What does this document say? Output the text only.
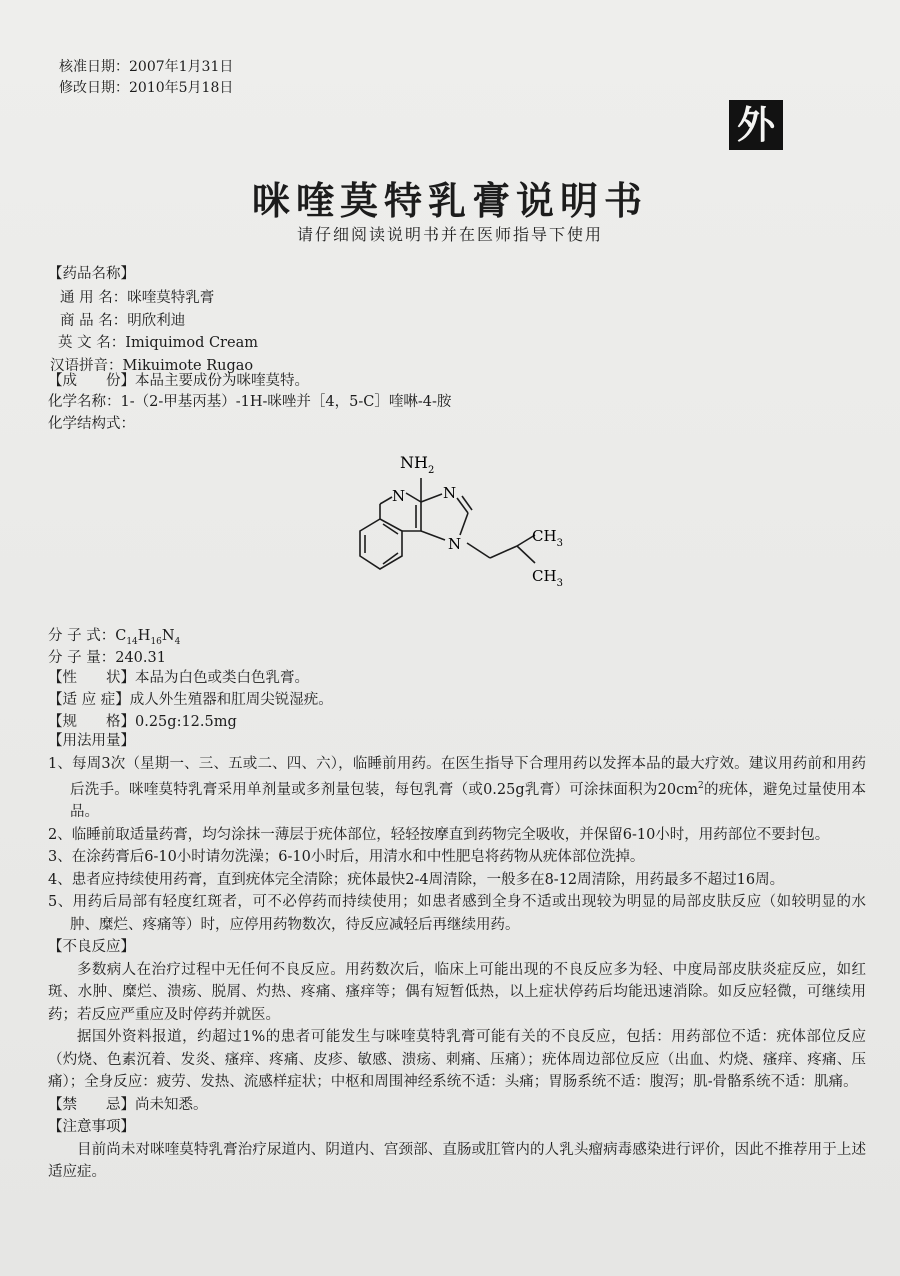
核准日期：2007年1月31日
修改日期：2010年5月18日
外
咪喹莫特乳膏说明书
请仔细阅读说明书并在医师指导下使用
【药品名称】
通 用 名：咪喹莫特乳膏
商 品 名：明欣利迪
英 文 名：Imiquimod Cream
汉语拼音：Mikuimote Rugao
【成　　份】本品主要成份为咪喹莫特。
化学名称：1-（2-甲基丙基）-1H-咪唑并［4，5-C］喹啉-4-胺
化学结构式：
$NH_2$
N	N
N	$CH_3$
$CH_3$
分 子 式：$C_{14}H_{16}N_4$
分 子 量：240.31
【性　　状】本品为白色或类白色乳膏。
【适 应 症】成人外生殖器和肛周尖锐湿疣。
【规　　格】0.25g:12.5mg

【用法用量】

1、每周3次（星期一、三、五或二、四、六），临睡前用药。在医生指导下合理用药以发挥本品的最大疗效。建议用药前和用药后洗手。咪喹莫特乳膏采用单剂量或多剂量包装，每包乳膏（或0.25g乳膏）可涂抹面积为$20cm^2$的疣体，避免过量使用本品。

2、临睡前取适量药膏，均匀涂抹一薄层于疣体部位，轻轻按摩直到药物完全吸收，并保留6-10小时，用药部位不要封包。

3、在涂药膏后6-10小时请勿洗澡；6-10小时后，用清水和中性肥皂将药物从疣体部位洗掉。

4、患者应持续使用药膏，直到疣体完全清除；疣体最快2-4周清除，一般多在8-12周清除，用药最多不超过16周。

5、用药后局部有轻度红斑者，可不必停药而持续使用；如患者感到全身不适或出现较为明显的局部皮肤反应（如较明显的水肿、糜烂、疼痛等）时，应停用药物数次，待反应减轻后再继续用药。

【不良反应】

多数病人在治疗过程中无任何不良反应。用药数次后，临床上可能出现的不良反应多为轻、中度局部皮肤炎症反应，如红斑、水肿、糜烂、溃疡、脱屑、灼热、疼痛、瘙痒等；偶有短暂低热，以上症状停药后均能迅速消除。如反应轻微，可继续用药；若反应严重应及时停药并就医。

据国外资料报道，约超过1%的患者可能发生与咪喹莫特乳膏可能有关的不良反应，包括：用药部位不适：疣体部位反应（灼烧、色素沉着、发炎、瘙痒、疼痛、皮疹、敏感、溃疡、刺痛、压痛）；疣体周边部位反应（出血、灼烧、瘙痒、疼痛、压痛）；全身反应：疲劳、发热、流感样症状；中枢和周围神经系统不适：头痛；胃肠系统不适：腹泻；肌-骨骼系统不适：肌痛。

【禁　　忌】尚未知悉。

【注意事项】

目前尚未对咪喹莫特乳膏治疗尿道内、阴道内、宫颈部、直肠或肛管内的人乳头瘤病毒感染进行评价，因此不推荐用于上述适应症。
